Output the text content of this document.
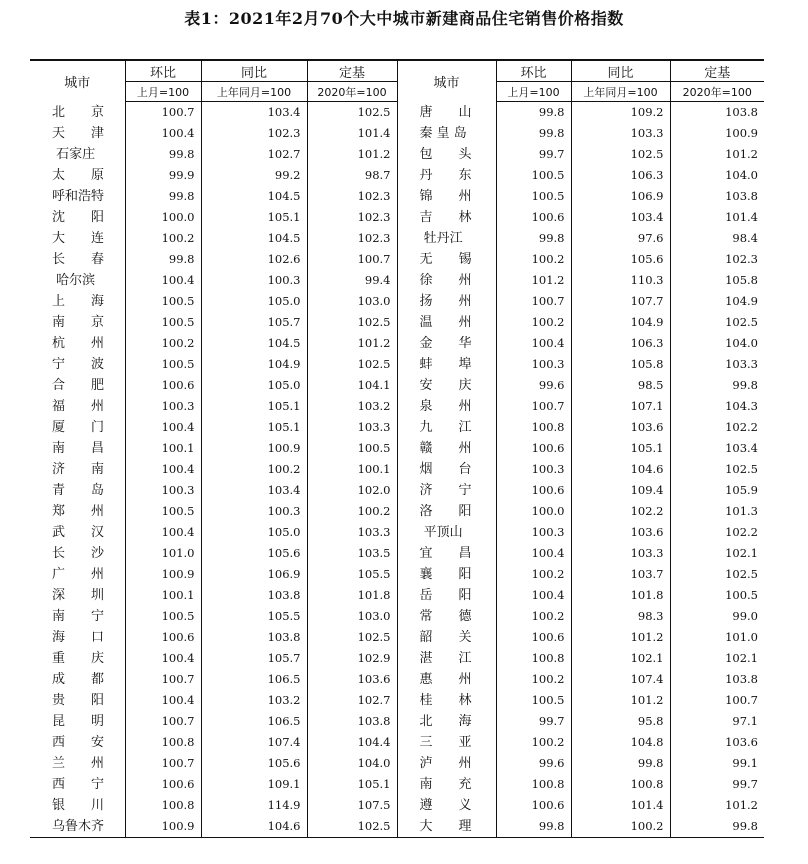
表1：2021年2月70个大中城市新建商品住宅销售价格指数
城市	环比	同比	定基	城市	环比	同比	定基
	上月=100	上年同月=100	2020年=100		上月=100	上年同月=100	2020年=100
北　　京	100.7	103.4	102.5	唐　　山	99.8	109.2	103.8
天　　津	100.4	102.3	101.4	秦 皇 岛	99.8	103.3	100.9
石家庄	99.8	102.7	101.2	包　　头	99.7	102.5	101.2
太　　原	99.9	99.2	98.7	丹　　东	100.5	106.3	104.0
呼和浩特	99.8	104.5	102.3	锦　　州	100.5	106.9	103.8
沈　　阳	100.0	105.1	102.3	吉　　林	100.6	103.4	101.4
大　　连	100.2	104.5	102.3	牡丹江	99.8	97.6	98.4
长　　春	99.8	102.6	100.7	无　　锡	100.2	105.6	102.3
哈尔滨	100.4	100.3	99.4	徐　　州	101.2	110.3	105.8
上　　海	100.5	105.0	103.0	扬　　州	100.7	107.7	104.9
南　　京	100.5	105.7	102.5	温　　州	100.2	104.9	102.5
杭　　州	100.2	104.5	101.2	金　　华	100.4	106.3	104.0
宁　　波	100.5	104.9	102.5	蚌　　埠	100.3	105.8	103.3
合　　肥	100.6	105.0	104.1	安　　庆	99.6	98.5	99.8
福　　州	100.3	105.1	103.2	泉　　州	100.7	107.1	104.3
厦　　门	100.4	105.1	103.3	九　　江	100.8	103.6	102.2
南　　昌	100.1	100.9	100.5	赣　　州	100.6	105.1	103.4
济　　南	100.4	100.2	100.1	烟　　台	100.3	104.6	102.5
青　　岛	100.3	103.4	102.0	济　　宁	100.6	109.4	105.9
郑　　州	100.5	100.3	100.2	洛　　阳	100.0	102.2	101.3
武　　汉	100.4	105.0	103.3	平顶山	100.3	103.6	102.2
长　　沙	101.0	105.6	103.5	宜　　昌	100.4	103.3	102.1
广　　州	100.9	106.9	105.5	襄　　阳	100.2	103.7	102.5
深　　圳	100.1	103.8	101.8	岳　　阳	100.4	101.8	100.5
南　　宁	100.5	105.5	103.0	常　　德	100.2	98.3	99.0
海　　口	100.6	103.8	102.5	韶　　关	100.6	101.2	101.0
重　　庆	100.4	105.7	102.9	湛　　江	100.8	102.1	102.1
成　　都	100.7	106.5	103.6	惠　　州	100.2	107.4	103.8
贵　　阳	100.4	103.2	102.7	桂　　林	100.5	101.2	100.7
昆　　明	100.7	106.5	103.8	北　　海	99.7	95.8	97.1
西　　安	100.8	107.4	104.4	三　　亚	100.2	104.8	103.6
兰　　州	100.7	105.6	104.0	泸　　州	99.6	99.8	99.1
西　　宁	100.6	109.1	105.1	南　　充	100.8	100.8	99.7
银　　川	100.8	114.9	107.5	遵　　义	100.6	101.4	101.2
乌鲁木齐	100.9	104.6	102.5	大　　理	99.8	100.2	99.8
